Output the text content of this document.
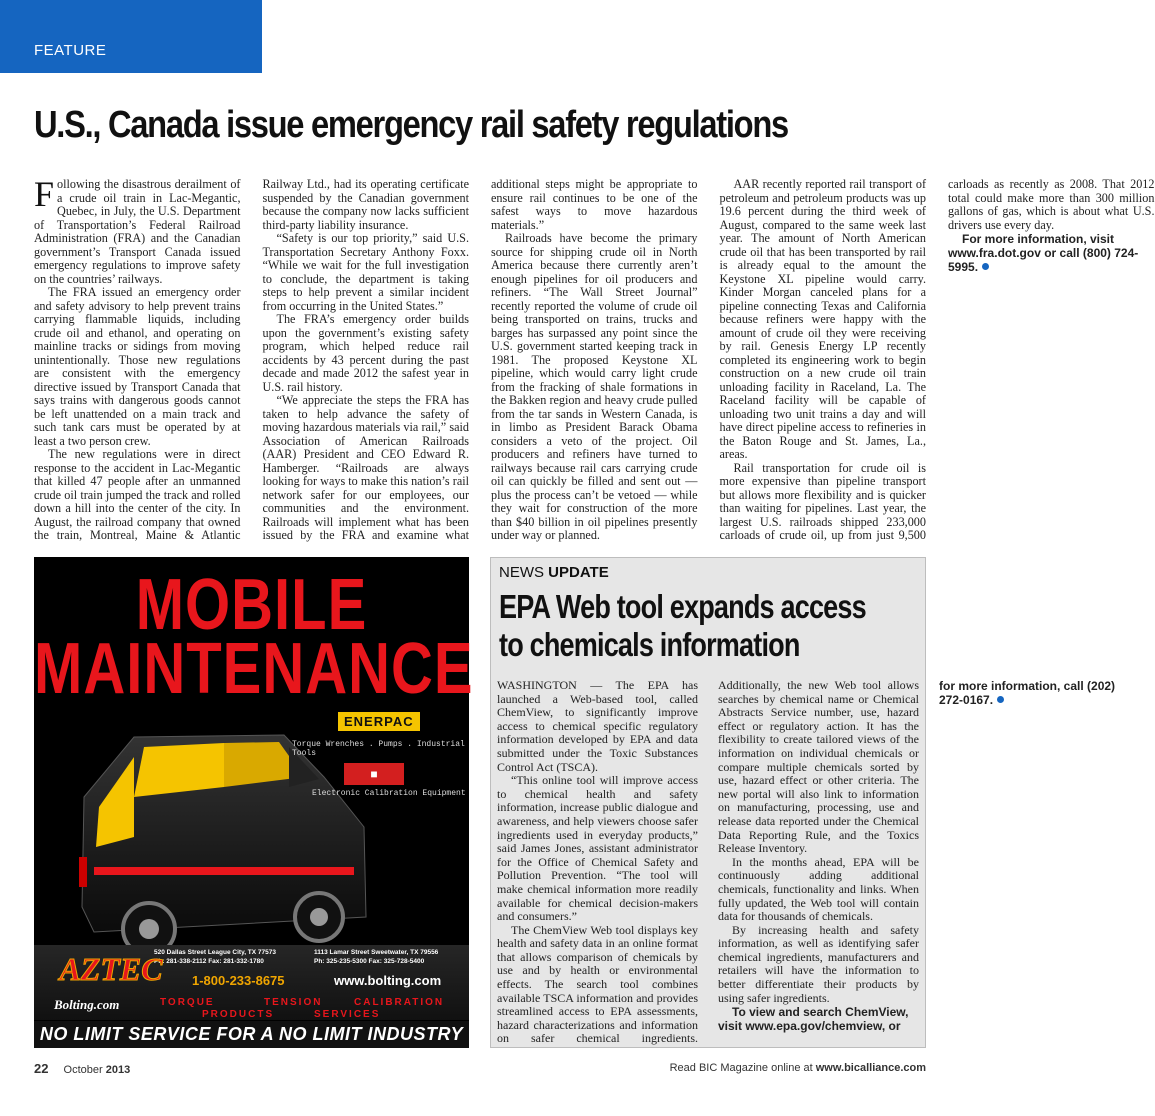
FEATURE
U.S., Canada issue emergency rail safety regulations

Following the disastrous derailment of a crude oil train in Lac-Megantic, Quebec, in July, the U.S. Department of Transportation’s Federal Railroad Administration (FRA) and the Canadian government’s Transport Canada issued emergency regulations to improve safety on the countries’ railways.

The FRA issued an emergency order and safety advisory to help prevent trains carrying flammable liquids, including crude oil and ethanol, and operating on mainline tracks or sidings from moving unintentionally. Those new regulations are consistent with the emergency directive issued by Transport Canada that says trains with dangerous goods cannot be left unattended on a main track and such tank cars must be operated by at least a two person crew.

The new regulations were in direct response to the accident in Lac-Megantic that killed 47 people after an unmanned crude oil train jumped the track and rolled down a hill into the center of the city. In August, the railroad company that owned the train, Montreal, Maine & Atlantic Railway Ltd., had its operating certificate suspended by the Canadian government because the company now lacks sufficient third-party liability insurance.

“Safety is our top priority,” said U.S. Transportation Secretary Anthony Foxx. “While we wait for the full investigation to conclude, the department is taking steps to help prevent a similar incident from occurring in the United States.”

The FRA’s emergency order builds upon the government’s existing safety program, which helped reduce rail accidents by 43 percent during the past decade and made 2012 the safest year in U.S. rail history.

“We appreciate the steps the FRA has taken to help advance the safety of moving hazardous materials via rail,” said Association of American Railroads (AAR) President and CEO Edward R. Hamberger. “Railroads are always looking for ways to make this nation’s rail network safer for our employees, our communities and the environment. Railroads will implement what has been issued by the FRA and examine what additional steps might be appropriate to ensure rail continues to be one of the safest ways to move hazardous materials.”

Railroads have become the primary source for shipping crude oil in North America because there currently aren’t enough pipelines for oil producers and refiners. “The Wall Street Journal” recently reported the volume of crude oil being transported on trains, trucks and barges has surpassed any point since the U.S. government started keeping track in 1981. The proposed Keystone XL pipeline, which would carry light crude from the fracking of shale formations in the Bakken region and heavy crude pulled from the tar sands in Western Canada, is in limbo as President Barack Obama considers a veto of the project. Oil producers and refiners have turned to railways because rail cars carrying crude oil can quickly be filled and sent out — plus the process can’t be vetoed — while they wait for construction of the more than $40 billion in oil pipelines presently under way or planned.

AAR recently reported rail transport of petroleum and petroleum products was up 19.6 percent during the third week of August, compared to the same week last year. The amount of North American crude oil that has been transported by rail is already equal to the amount the Keystone XL pipeline would carry. Kinder Morgan canceled plans for a pipeline connecting Texas and California because refiners were happy with the amount of crude oil they were receiving by rail. Genesis Energy LP recently completed its engineering work to begin construction on a new crude oil train unloading facility in Raceland, La. The Raceland facility will be capable of unloading two unit trains a day and will have direct pipeline access to refineries in the Baton Rouge and St. James, La., areas.

Rail transportation for crude oil is more expensive than pipeline transport but allows more flexibility and is quicker than waiting for pipelines. Last year, the largest U.S. railroads shipped 233,000 carloads of crude oil, up from just 9,500 carloads as recently as 2008. That 2012 total could make more than 300 million gallons of gas, which is about what U.S. drivers use every day.

For more information, visit www.fra.dot.gov or call (800) 724-5995.

MOBILE
MAINTENANCE
ENERPAC
Torque Wrenches . Pumps . Industrial Tools
■
Electronic Calibration Equipment
520 Dallas Street League City, TX 77573
Ph: 281-338-2112 Fax: 281-332-1780
1113 Lamar Street Sweetwater, TX 79556
Ph: 325-235-5300 Fax: 325-728-5400
1-800-233-8675	www.bolting.com
TORQUE	TENSION	CALIBRATION
PRODUCTS	SERVICES
AZTEC
Bolting.com
NO LIMIT SERVICE FOR A NO LIMIT INDUSTRY
NEWS UPDATE
EPA Web tool expands access
to chemicals information

WASHINGTON — The EPA has launched a Web-based tool, called ChemView, to significantly improve access to chemical specific regulatory information developed by EPA and data submitted under the Toxic Substances Control Act (TSCA).

“This online tool will improve access to chemical health and safety information, increase public dialogue and awareness, and help viewers choose safer ingredients used in everyday products,” said James Jones, assistant administrator for the Office of Chemical Safety and Pollution Prevention. “The tool will make chemical information more readily available for chemical decision-makers and consumers.”

The ChemView Web tool displays key health and safety data in an online format that allows comparison of chemicals by use and by health or environmental effects. The search tool combines available TSCA information and provides streamlined access to EPA assessments, hazard characterizations and information on safer chemical ingredients. Additionally, the new Web tool allows searches by chemical name or Chemical Abstracts Service number, use, hazard effect or regulatory action. It has the flexibility to create tailored views of the information on individual chemicals or compare multiple chemicals sorted by use, hazard effect or other criteria. The new portal will also link to information on manufacturing, processing, use and release data reported under the Chemical Data Reporting Rule, and the Toxics Release Inventory.

In the months ahead, EPA will be continuously adding additional chemicals, functionality and links. When fully updated, the Web tool will contain data for thousands of chemicals.

By increasing health and safety information, as well as identifying safer chemical ingredients, manufacturers and retailers will have the information to better differentiate their products by using safer ingredients.

To view and search ChemView, visit www.epa.gov/chemview, or for more information, call (202) 272-0167.

22 October 2013	Read BIC Magazine online at www.bicalliance.com
